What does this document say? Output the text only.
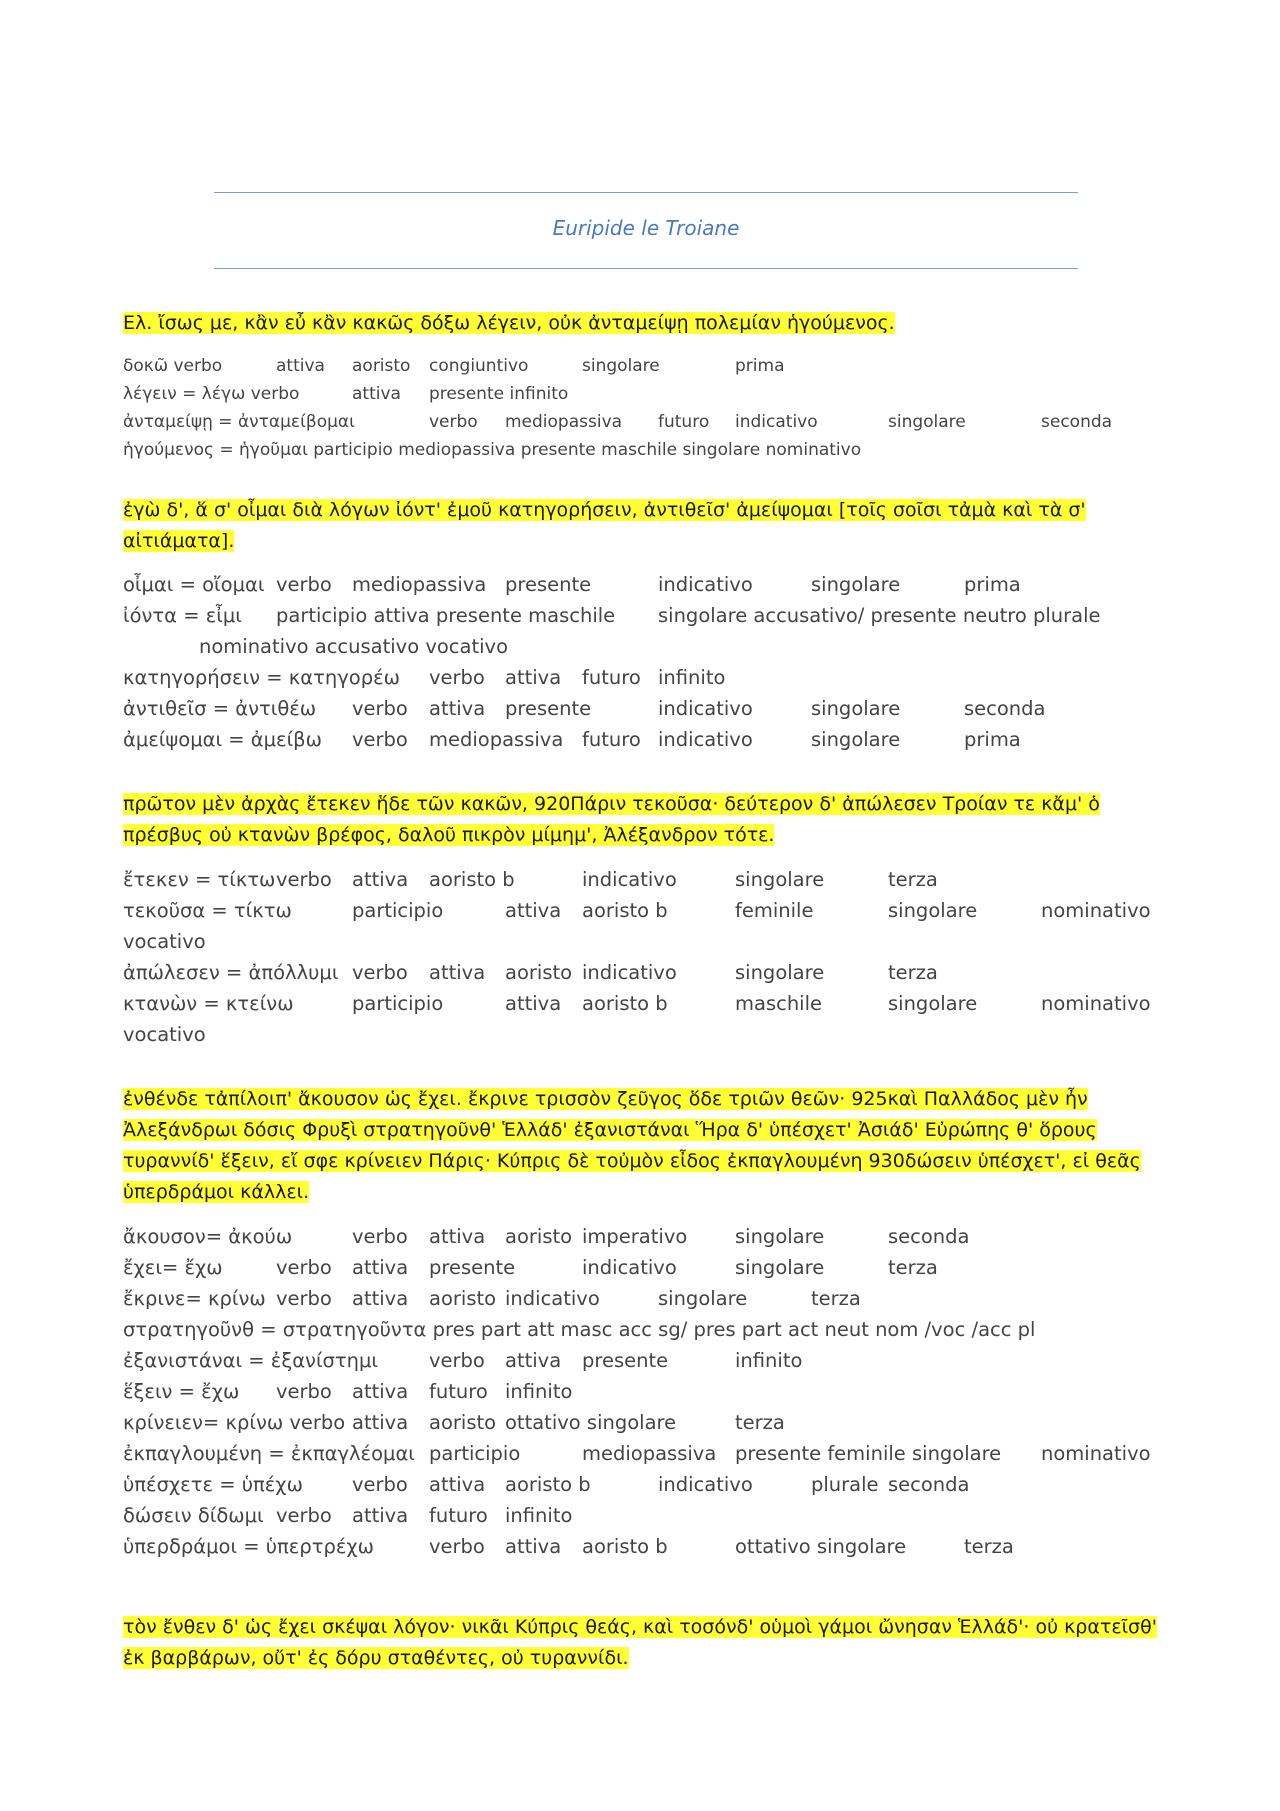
Euripide le Troiane
Ελ. ἴσως με, κἂν εὖ κἂν κακῶς δόξω λέγειν, οὐκ ἀνταμείψῃ πολεμίαν ἡγούμενος.
δοκῶ verbo	attiva aoristo congiuntivo	singolare	prima
λέγειν = λέγω verbo	attiva presente infinito
ἀνταμείψῃ = ἀνταμείβομαι	verbo mediopassiva futuro indicativo	singolare	seconda
ἡγούμενος = ἡγοῦμαι participio mediopassiva presente maschile singolare nominativo
ἐγὼ δ', ἅ σ' οἶμαι διὰ λόγων ἰόντ' ἐμοῦ κατηγορήσειν, ἀντιθεῖσ' ἀμείψομαι [τοῖς σοῖσι τἀμὰ καὶ τὰ σ' αἰτιάματα].
οἶμαι = οἴομαι verbo mediopassiva presente	indicativo	singolare	prima
ἰόντα = εἶμι participio attiva presente maschile singolare accusativo/ presente neutro plurale
nominativo accusativo vocativo
κατηγορήσειν = κατηγορέω verbo attiva futuro infinito
ἀντιθεῖσ = ἀντιθέω verbo attiva presente	indicativo	singolare	seconda
ἀμείψομαι = ἀμείβω verbo mediopassiva futuro indicativo	singolare	prima
πρῶτον μὲν ἀρχὰς ἔτεκεν ἥδε τῶν κακῶν, 920Πάριν τεκοῦσα· δεύτερον δ' ἀπώλεσεν Τροίαν τε κἄμ' ὁ πρέσβυς οὐ κτανὼν βρέφος, δαλοῦ πικρὸν μίμημ', Ἀλέξανδρον τότε.
ἔτεκεν = τίκτω verbo attiva aoristo b	indicativo	singolare	terza
τεκοῦσα = τίκτω	participio	attiva aoristo b	feminile	singolare	nominativo
vocativo
ἀπώλεσεν = ἀπόλλυμι verbo attiva aoristo indicativo	singolare	terza
κτανὼν = κτείνω	participio	attiva aoristo b	maschile	singolare	nominativo
vocativo
ἐνθένδε τἀπίλοιπ' ἄκουσον ὡς ἔχει. ἔκρινε τρισσὸν ζεῦγος ὅδε τριῶν θεῶν· 925καὶ Παλλάδος μὲν ἦν Ἀλεξάνδρωι δόσις Φρυξὶ στρατηγοῦνθ' Ἑλλάδ' ἐξανιστάναι Ἥρα δ' ὑπέσχετ' Ἀσιάδ' Εὐρώπης θ' ὅρους τυραννίδ' ἕξειν, εἴ σφε κρίνειεν Πάρις· Κύπρις δὲ τοὐμὸν εἶδος ἐκπαγλουμένη 930δώσειν ὑπέσχετ', εἰ θεᾶς ὑπερδράμοι κάλλει.
ἄκουσον= ἀκούω	verbo attiva aoristo imperativo singolare	seconda
ἔχει= ἔχω	verbo attiva presente	indicativo	singolare	terza
ἔκρινε= κρίνω verbo attiva aoristo indicativo	singolare	terza
στρατηγοῦνθ = στρατηγοῦντα pres part att masc acc sg/ pres part act neut nom /voc /acc pl
ἐξανιστάναι = ἐξανίστημι	verbo attiva presente	infinito
ἕξειν = ἔχω verbo attiva futuro infinito
κρίνειεν= κρίνω verbo attiva aoristo ottativo singolare	terza
ἐκπαγλουμένη = ἐκπαγλέομαι participio	mediopassiva presente feminile singolare nominativo
ὑπέσχετε = ὑπέχω	verbo attiva aoristo b	indicativo	plurale seconda
δώσειν δίδωμι verbo attiva futuro infinito
ὑπερδράμοι = ὑπερτρέχω	verbo attiva aoristo b	ottativo singolare	terza
τὸν ἔνθεν δ' ὡς ἔχει σκέψαι λόγον· νικᾶι Κύπρις θεάς, καὶ τοσόνδ' οὑμοὶ γάμοι ὤνησαν Ἑλλάδ'· οὐ κρατεῖσθ' ἐκ βαρβάρων, οὔτ' ἐς δόρυ σταθέντες, οὐ τυραννίδι.
